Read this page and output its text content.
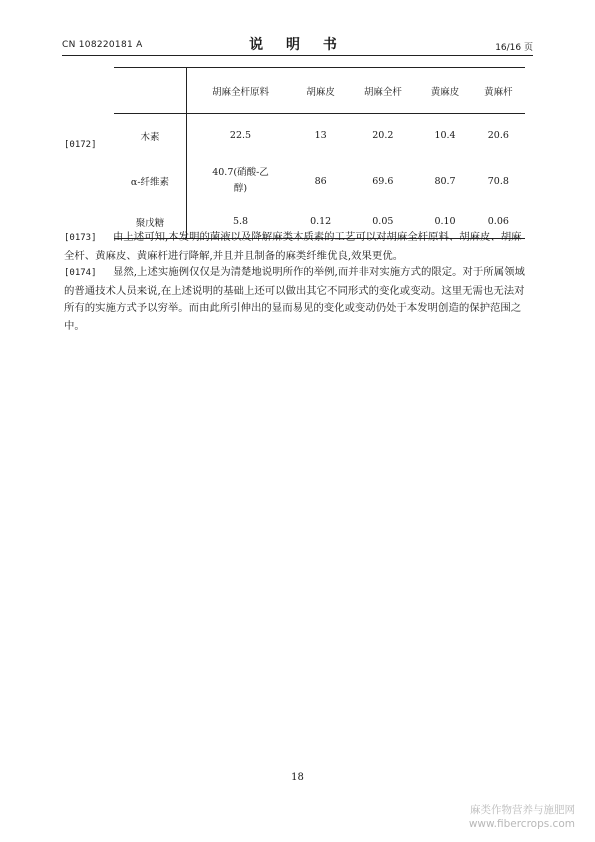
CN 108220181 A	说 明 书	16/16 页
[0172]
	胡麻全杆原料	胡麻皮	胡麻全杆	黄麻皮	黄麻杆
木素	22.5	13	20.2	10.4	20.6
α-纤维素	40.7(硝酸-乙
醇)	86	69.6	80.7	70.8
聚戊糖	5.8	0.12	0.05	0.10	0.06
[0173] 由上述可知,本发明的菌液以及降解麻类木质素的工艺可以对胡麻全杆原料、胡麻皮、胡麻全杆、黄麻皮、黄麻杆进行降解,并且并且制备的麻类纤维优良,效果更优。
[0174] 显然,上述实施例仅仅是为清楚地说明所作的举例,而并非对实施方式的限定。对于所属领域的普通技术人员来说,在上述说明的基础上还可以做出其它不同形式的变化或变动。这里无需也无法对所有的实施方式予以穷举。而由此所引伸出的显而易见的变化或变动仍处于本发明创造的保护范围之中。
18
麻类作物营养与施肥网
www.fibercrops.com
